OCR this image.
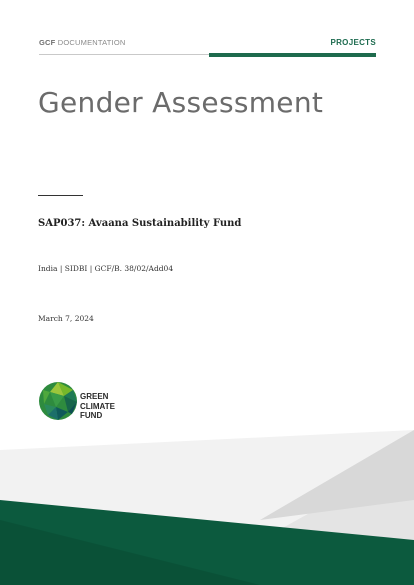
GCF DOCUMENTATION	PROJECTS
Gender Assessment
SAP037: Avaana Sustainability Fund
India | SIDBI | GCF/B. 38/02/Add04
March 7, 2024
GREEN
CLIMATE
FUND
